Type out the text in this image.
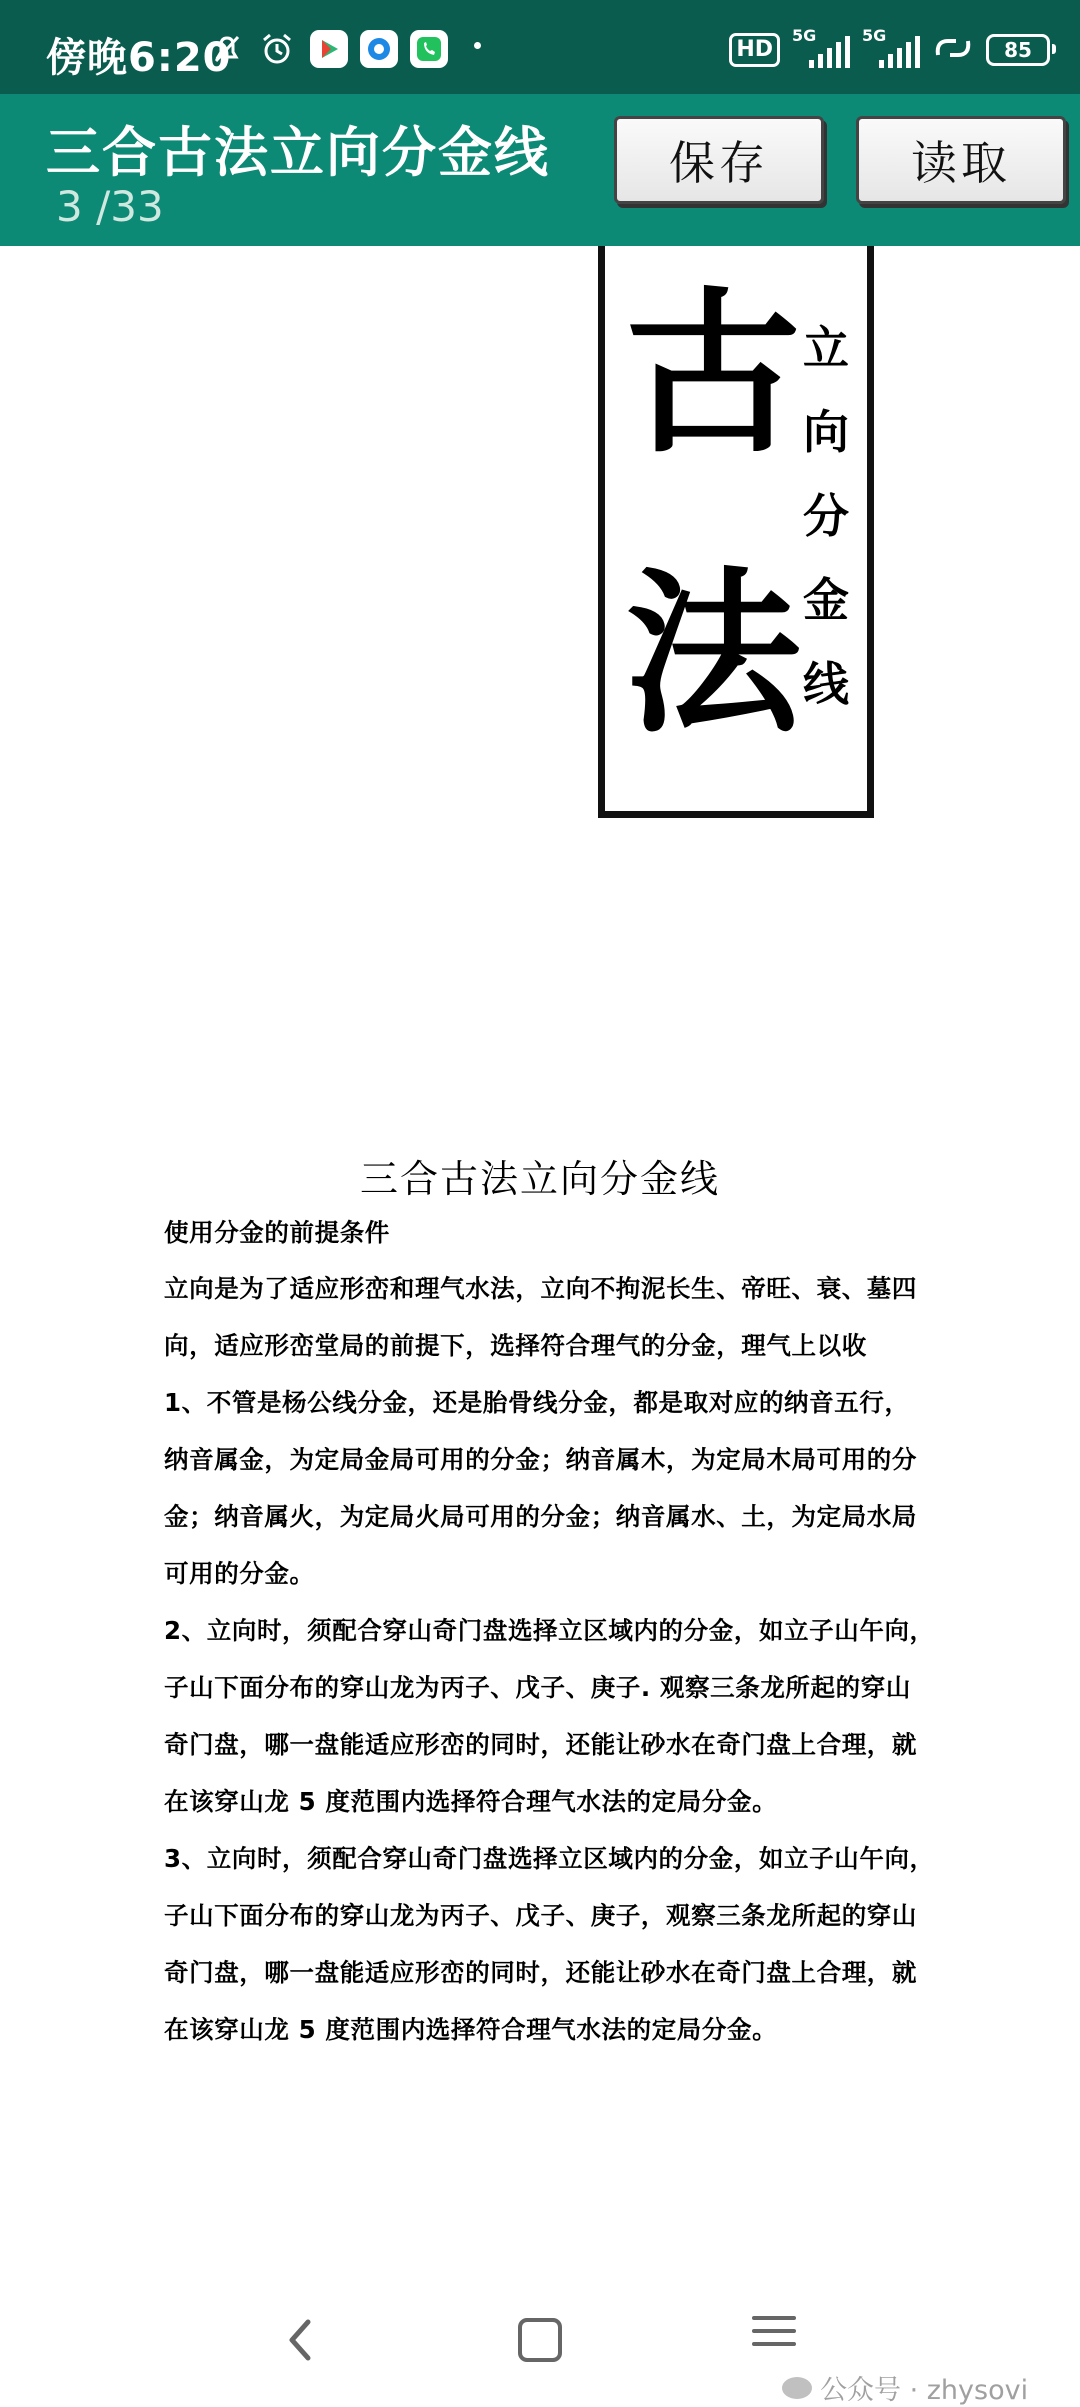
傍晚6:20	HD
5G	5G
85
三合古法立向分金线
3 /33
保存	读取
古
法
立
向
分
金
线
三合古法立向分金线
使用分金的前提条件
立向是为了适应形峦和理气水法，立向不拘泥长生、帝旺、衰、墓四
向，适应形峦堂局的前提下，选择符合理气的分金，理气上以收
1、不管是杨公线分金，还是胎骨线分金，都是取对应的纳音五行，
纳音属金，为定局金局可用的分金；纳音属木，为定局木局可用的分
金；纳音属火，为定局火局可用的分金；纳音属水、土，为定局水局
可用的分金。
2、立向时，须配合穿山奇门盘选择立区域内的分金，如立子山午向，
子山下面分布的穿山龙为丙子、戊子、庚子. 观察三条龙所起的穿山
奇门盘，哪一盘能适应形峦的同时，还能让砂水在奇门盘上合理，就
在该穿山龙 5 度范围内选择符合理气水法的定局分金。
3、立向时，须配合穿山奇门盘选择立区域内的分金，如立子山午向，
子山下面分布的穿山龙为丙子、戊子、庚子，观察三条龙所起的穿山
奇门盘，哪一盘能适应形峦的同时，还能让砂水在奇门盘上合理，就
在该穿山龙 5 度范围内选择符合理气水法的定局分金。
公众号 · zhysovi
